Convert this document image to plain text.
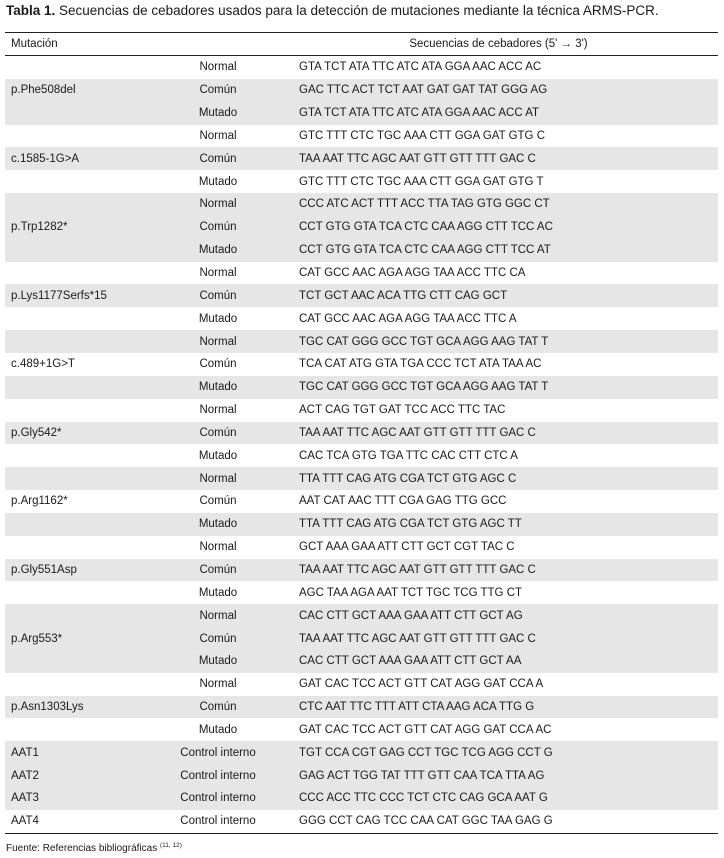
Tabla 1. Secuencias de cebadores usados para la detección de mutaciones mediante la técnica ARMS-PCR.
Mutación		Secuencias de cebadores (5' → 3')
	Normal	GTA TCT ATA TTC ATC ATA GGA AAC ACC AC
p.Phe508del	Común	GAC TTC ACT TCT AAT GAT GAT TAT GGG AG
	Mutado	GTA TCT ATA TTC ATC ATA GGA AAC ACC AT
	Normal	GTC TTT CTC TGC AAA CTT GGA GAT GTG C
c.1585-1G>A	Común	TAA AAT TTC AGC AAT GTT GTT TTT GAC C
	Mutado	GTC TTT CTC TGC AAA CTT GGA GAT GTG T
	Normal	CCC ATC ACT TTT ACC TTA TAG GTG GGC CT
p.Trp1282*	Común	CCT GTG GTA TCA CTC CAA AGG CTT TCC AC
	Mutado	CCT GTG GTA TCA CTC CAA AGG CTT TCC AT
	Normal	CAT GCC AAC AGA AGG TAA ACC TTC CA
p.Lys1177Serfs*15	Común	TCT GCT AAC ACA TTG CTT CAG GCT
	Mutado	CAT GCC AAC AGA AGG TAA ACC TTC A
	Normal	TGC CAT GGG GCC TGT GCA AGG AAG TAT T
c.489+1G>T	Común	TCA CAT ATG GTA TGA CCC TCT ATA TAA AC
	Mutado	TGC CAT GGG GCC TGT GCA AGG AAG TAT T
	Normal	ACT CAG TGT GAT TCC ACC TTC TAC
p.Gly542*	Común	TAA AAT TTC AGC AAT GTT GTT TTT GAC C
	Mutado	CAC TCA GTG TGA TTC CAC CTT CTC A
	Normal	TTA TTT CAG ATG CGA TCT GTG AGC C
p.Arg1162*	Común	AAT CAT AAC TTT CGA GAG TTG GCC
	Mutado	TTA TTT CAG ATG CGA TCT GTG AGC TT
	Normal	GCT AAA GAA ATT CTT GCT CGT TAC C
p.Gly551Asp	Común	TAA AAT TTC AGC AAT GTT GTT TTT GAC C
	Mutado	AGC TAA AGA AAT TCT TGC TCG TTG CT
	Normal	CAC CTT GCT AAA GAA ATT CTT GCT AG
p.Arg553*	Común	TAA AAT TTC AGC AAT GTT GTT TTT GAC C
	Mutado	CAC CTT GCT AAA GAA ATT CTT GCT AA
	Normal	GAT CAC TCC ACT GTT CAT AGG GAT CCA A
p.Asn1303Lys	Común	CTC AAT TTC TTT ATT CTA AAG ACA TTG G
	Mutado	GAT CAC TCC ACT GTT CAT AGG GAT CCA AC
AAT1	Control interno	TGT CCA CGT GAG CCT TGC TCG AGG CCT G
AAT2	Control interno	GAG ACT TGG TAT TTT GTT CAA TCA TTA AG
AAT3	Control interno	CCC ACC TTC CCC TCT CTC CAG GCA AAT G
AAT4	Control interno	GGG CCT CAG TCC CAA CAT GGC TAA GAG G
Fuente: Referencias bibliográficas $^{(11, 12)}$
